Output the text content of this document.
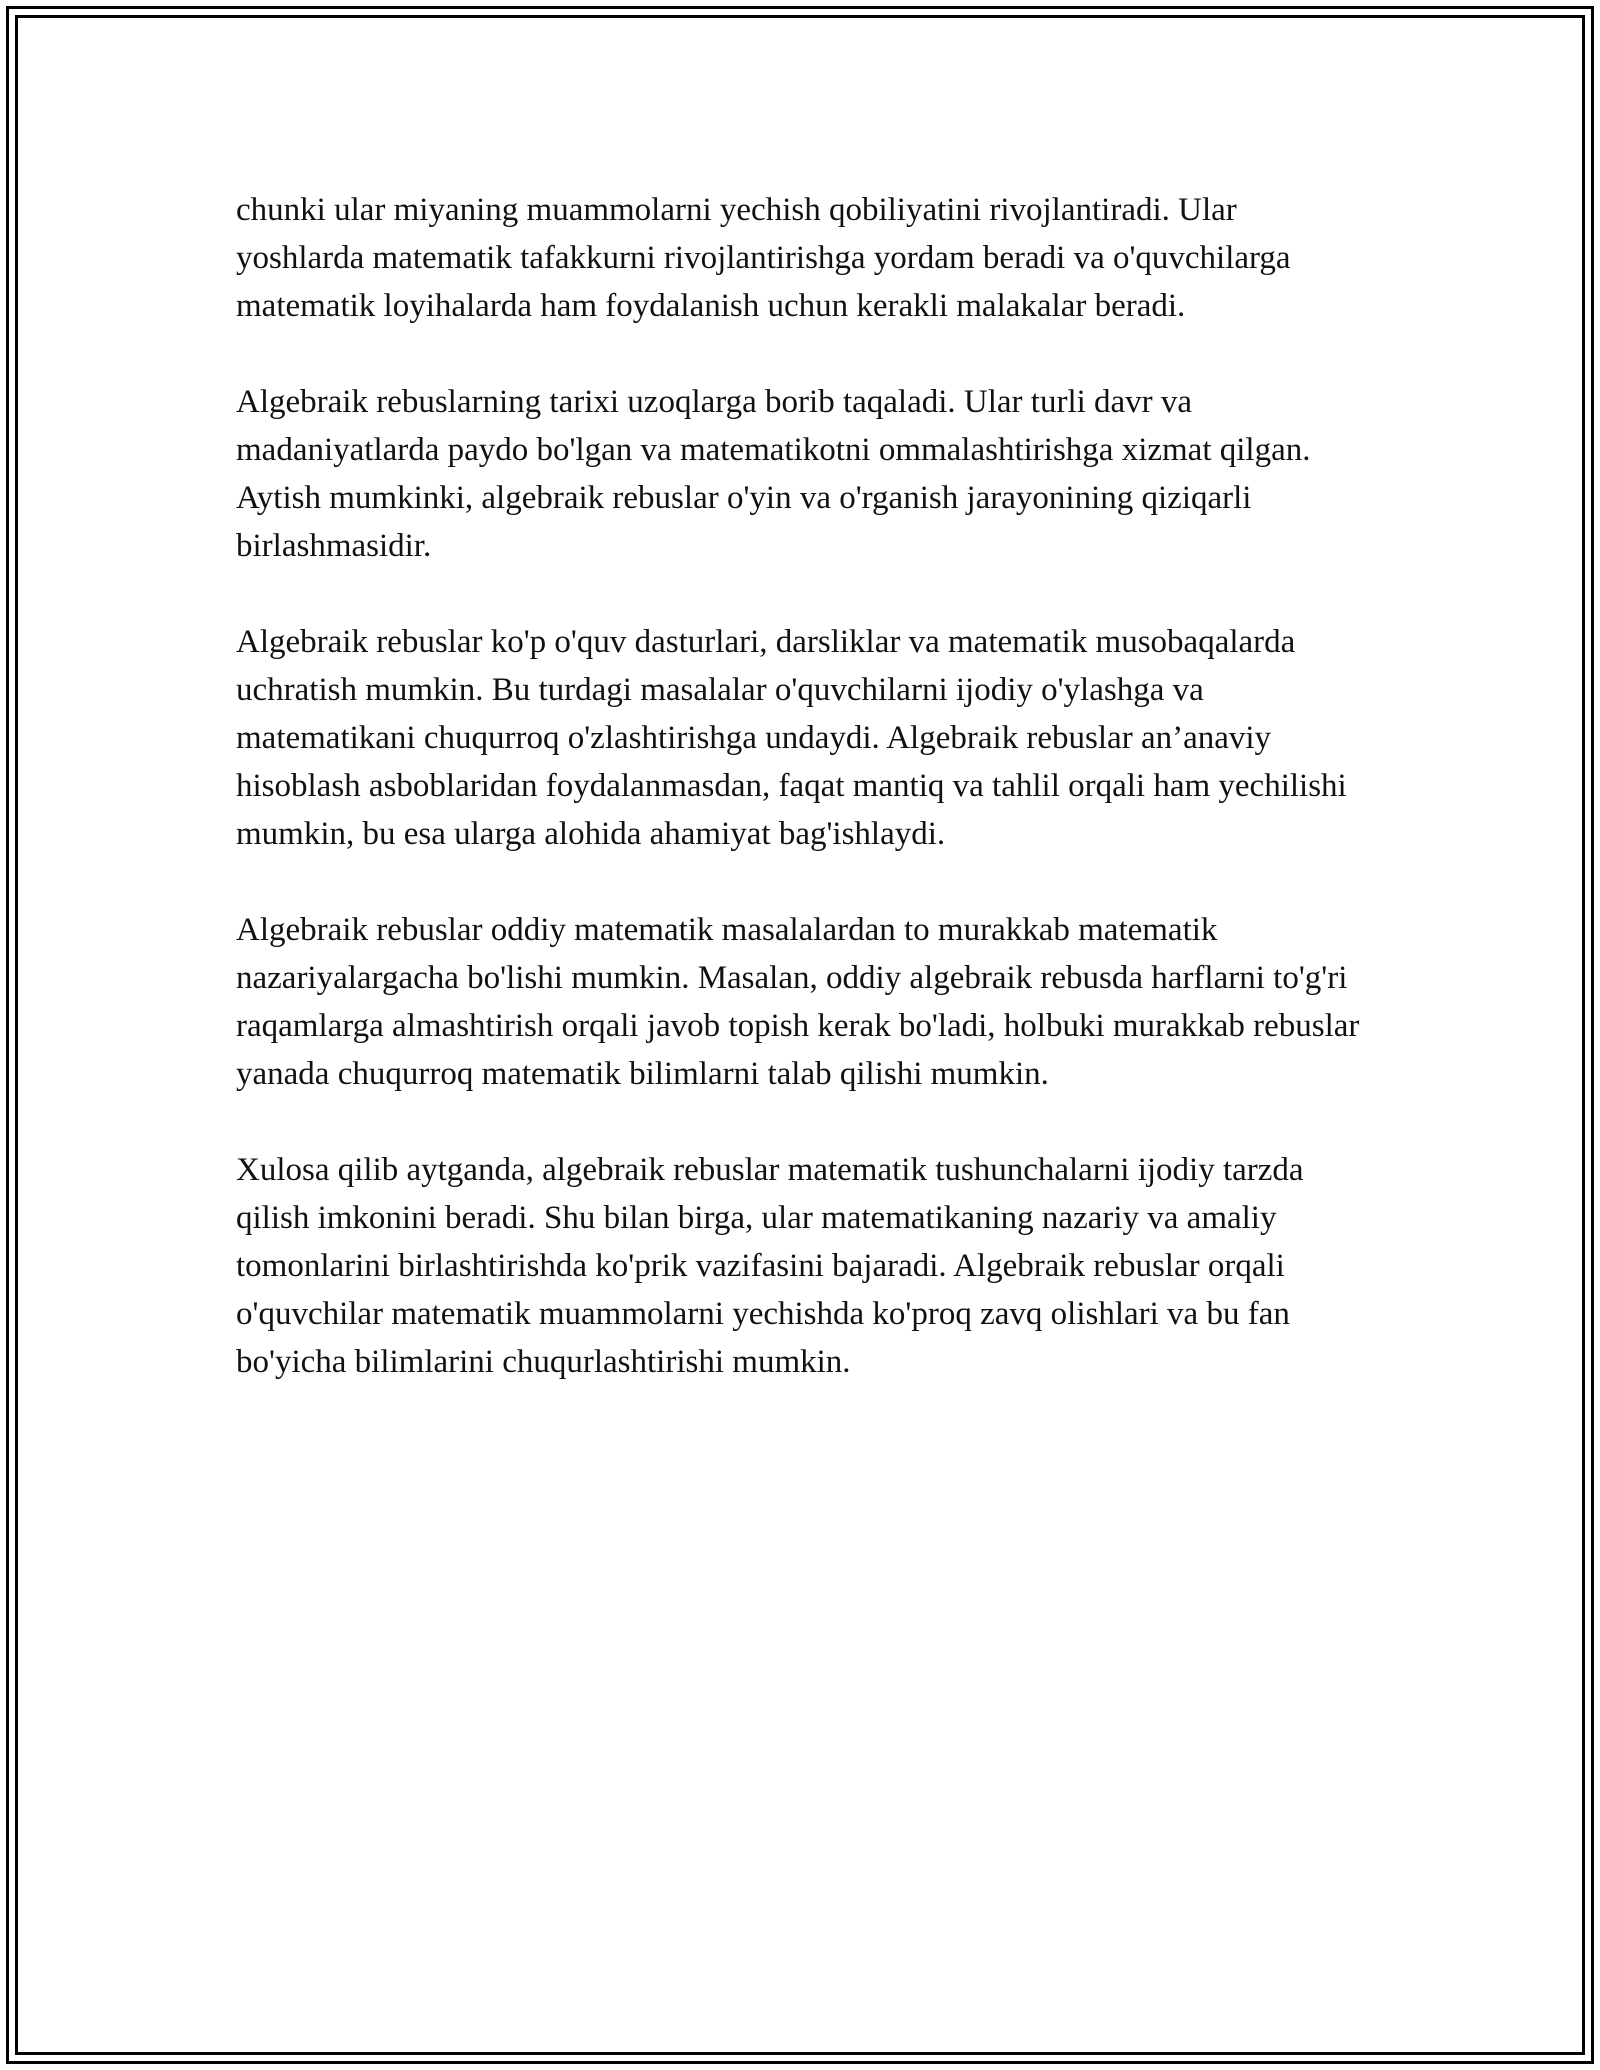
chunki ular miyaning muammolarni yechish qobiliyatini rivojlantiradi. Ular yoshlarda matematik tafakkurni rivojlantirishga yordam beradi va o'quvchilarga matematik loyihalarda ham foydalanish uchun kerakli malakalar beradi.

Algebraik rebuslarning tarixi uzoqlarga borib taqaladi. Ular turli davr va madaniyatlarda paydo bo'lgan va matematikotni ommalashtirishga xizmat qilgan. Aytish mumkinki, algebraik rebuslar o'yin va o'rganish jarayonining qiziqarli birlashmasidir.

Algebraik rebuslar ko'p o'quv dasturlari, darsliklar va matematik musobaqalarda uchratish mumkin. Bu turdagi masalalar o'quvchilarni ijodiy o'ylashga va matematikani chuqurroq o'zlashtirishga undaydi. Algebraik rebuslar an’anaviy hisoblash asboblaridan foydalanmasdan, faqat mantiq va tahlil orqali ham yechilishi mumkin, bu esa ularga alohida ahamiyat bag'ishlaydi.

Algebraik rebuslar oddiy matematik masalalardan to murakkab matematik nazariyalargacha bo'lishi mumkin. Masalan, oddiy algebraik rebusda harflarni to'g'ri raqamlarga almashtirish orqali javob topish kerak bo'ladi, holbuki murakkab rebuslar yanada chuqurroq matematik bilimlarni talab qilishi mumkin.

Xulosa qilib aytganda, algebraik rebuslar matematik tushunchalarni ijodiy tarzda qilish imkonini beradi. Shu bilan birga, ular matematikaning nazariy va amaliy tomonlarini birlashtirishda ko'prik vazifasini bajaradi. Algebraik rebuslar orqali o'quvchilar matematik muammolarni yechishda ko'proq zavq olishlari va bu fan bo'yicha bilimlarini chuqurlashtirishi mumkin.
